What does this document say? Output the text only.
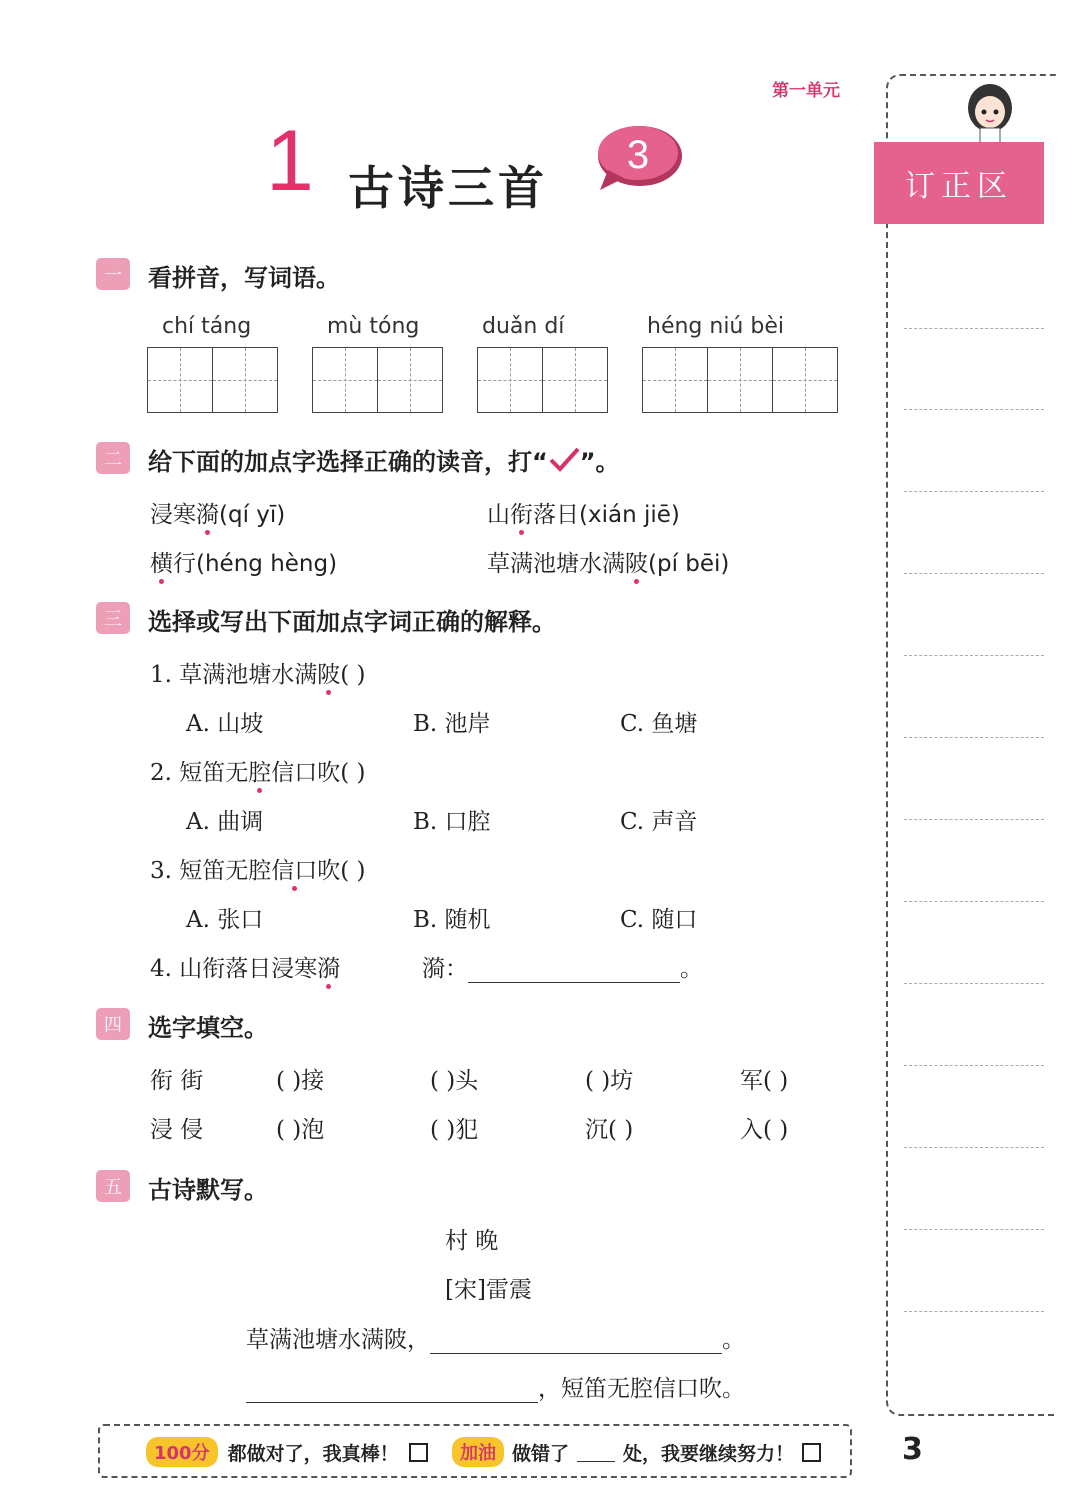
第一单元
1 古诗三首
3
订正区
一	看拼音，写词语。
chí táng	mù tóng	duǎn dí	héng niú bèi
二	给下面的加点字选择正确的读音，打“ ”。
浸寒漪(qí yī)	山衔落日(xián jiē)
横行(héng hèng)	草满池塘水满陂(pí bēi)
三	选择或写出下面加点字词正确的解释。
1. 草满池塘水满陂( )
A. 山坡	B. 池岸	C. 鱼塘
2. 短笛无腔信口吹( )
A. 曲调	B. 口腔	C. 声音
3. 短笛无腔信口吹( )
A. 张口	B. 随机	C. 随口
4. 山衔落日浸寒漪	漪：	。
四	选字填空。
衔 街	( )接	( )头	( )坊	军( )
浸 侵	( )泡	( )犯	沉( )	入( )
五	古诗默写。
村 晚
[宋]雷震
草满池塘水满陂，	。
，短笛无腔信口吹。
100分 都做对了，我真棒！	加油 做错了	处，我要继续努力！	3
